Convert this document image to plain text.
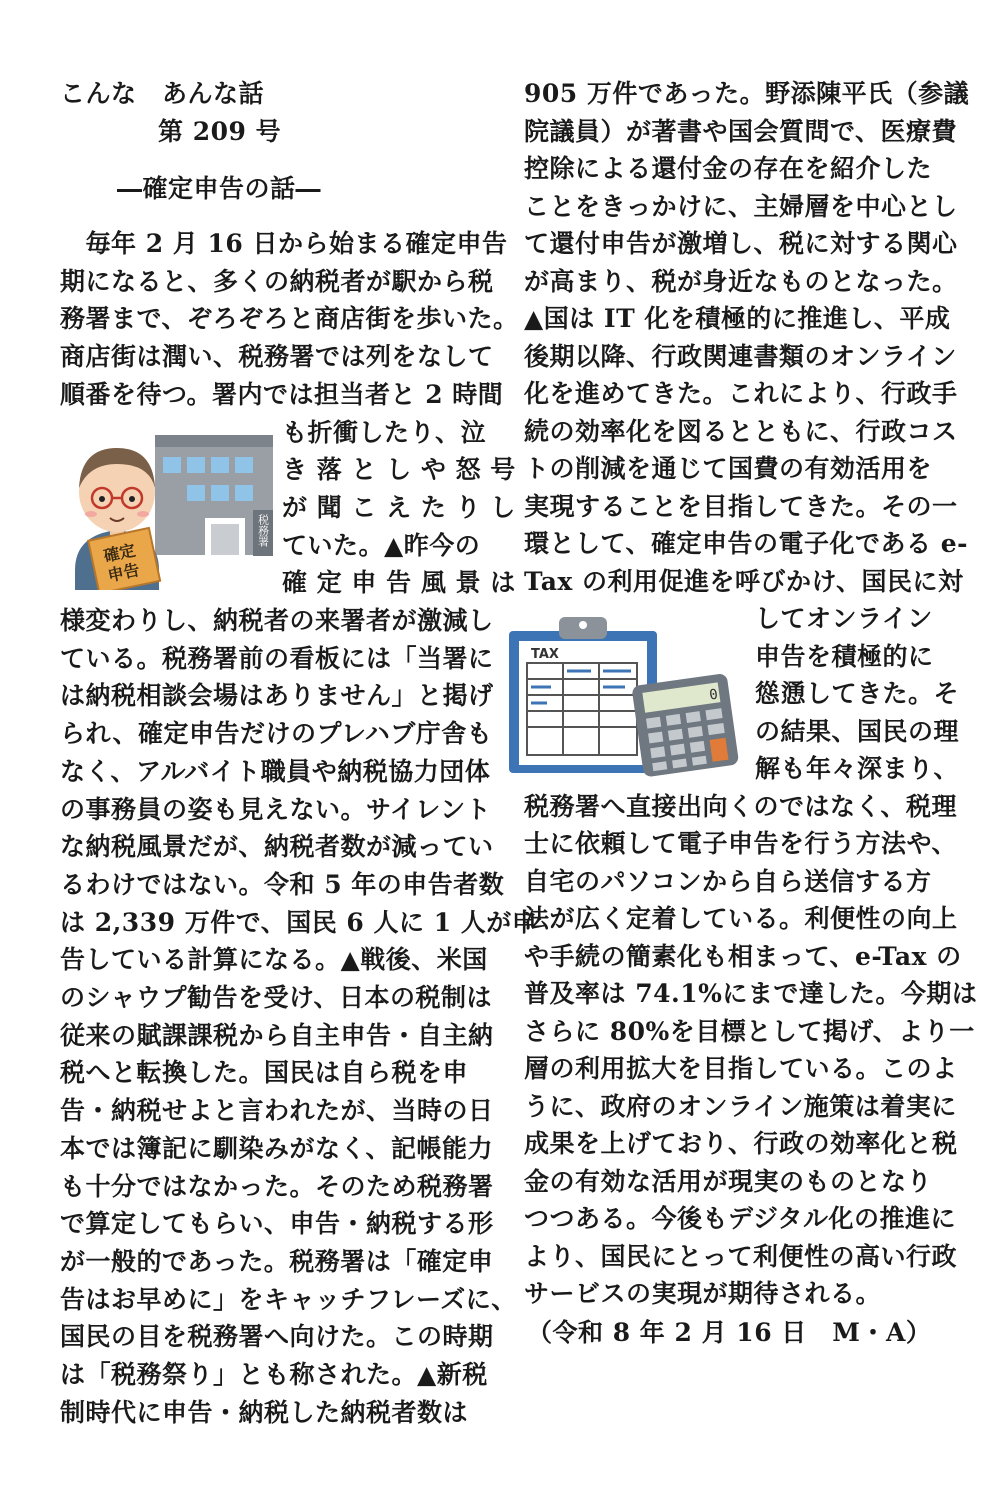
こんな　あんな話
第 209 号
―確定申告の話―
　毎年 2 月 16 日から始まる確定申告
期になると、多くの納税者が駅から税
務署まで、ぞろぞろと商店街を歩いた。
商店街は潤い、税務署では列をなして
順番を待つ。署内では担当者と 2 時間
も折衝したり、泣
き 落 と し や 怒 号
が 聞 こ え た り し
ていた。▲昨今の
確 定 申 告 風 景 は
様変わりし、納税者の来署者が激減し
ている。税務署前の看板には「当署に
は納税相談会場はありません」と掲げ
られ、確定申告だけのプレハブ庁舎も
なく、アルバイト職員や納税協力団体
の事務員の姿も見えない。サイレント
な納税風景だが、納税者数が減ってい
るわけではない。令和 5 年の申告者数
は 2,339 万件で、国民 6 人に 1 人が申
告している計算になる。▲戦後、米国
のシャウプ勧告を受け、日本の税制は
従来の賦課課税から自主申告・自主納
税へと転換した。国民は自ら税を申
告・納税せよと言われたが、当時の日
本では簿記に馴染みがなく、記帳能力
も十分ではなかった。そのため税務署
で算定してもらい、申告・納税する形
が一般的であった。税務署は「確定申
告はお早めに」をキャッチフレーズに、
国民の目を税務署へ向けた。この時期
は「税務祭り」とも称された。▲新税
制時代に申告・納税した納税者数は
905 万件であった。野添陳平氏（参議
院議員）が著書や国会質問で、医療費
控除による還付金の存在を紹介した
ことをきっかけに、主婦層を中心とし
て還付申告が激増し、税に対する関心
が高まり、税が身近なものとなった。
▲国は IT 化を積極的に推進し、平成
後期以降、行政関連書類のオンライン
化を進めてきた。これにより、行政手
続の効率化を図るとともに、行政コス
トの削減を通じて国費の有効活用を
実現することを目指してきた。その一
環として、確定申告の電子化である e-
Tax の利用促進を呼びかけ、国民に対
してオンライン
申告を積極的に
慫慂してきた。そ
の結果、国民の理
解も年々深まり、
税務署へ直接出向くのではなく、税理
士に依頼して電子申告を行う方法や、
自宅のパソコンから自ら送信する方
法が広く定着している。利便性の向上
や手続の簡素化も相まって、e-Tax の
普及率は 74.1%にまで達した。今期は
さらに 80%を目標として掲げ、より一
層の利用拡大を目指している。このよ
うに、政府のオンライン施策は着実に
成果を上げており、行政の効率化と税
金の有効な活用が現実のものとなり
つつある。今後もデジタル化の推進に
より、国民にとって利便性の高い行政
サービスの実現が期待される。
（令和 8 年 2 月 16 日　M・A）
税務署
確定
申告
TAX
0
